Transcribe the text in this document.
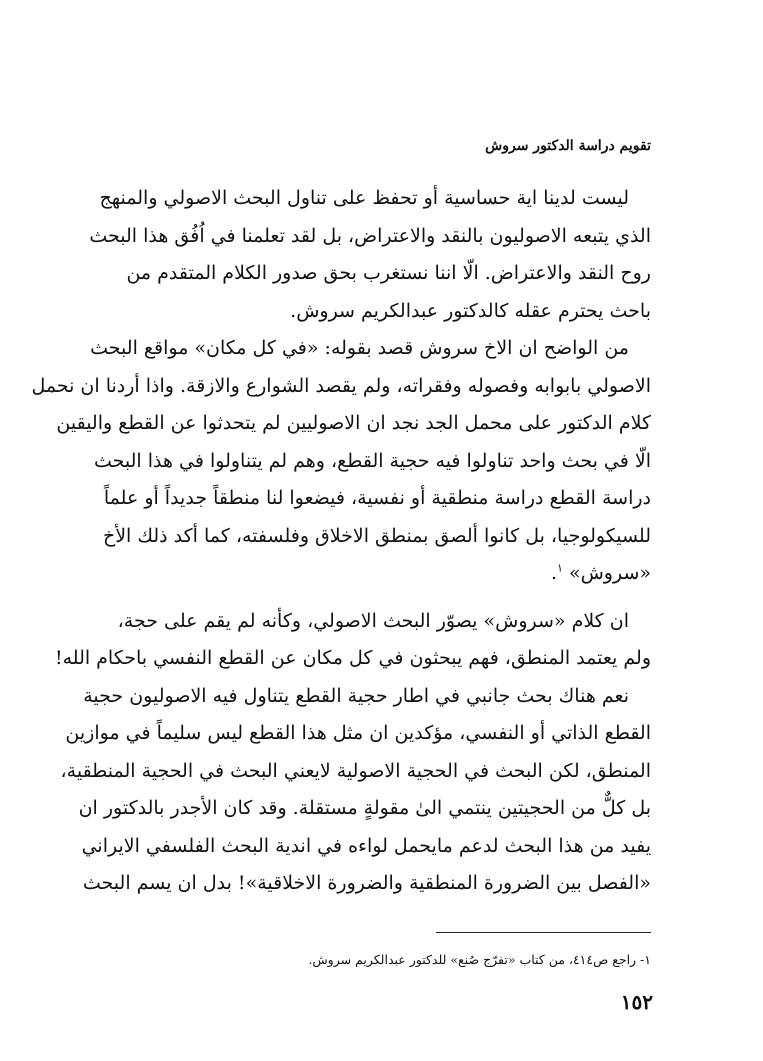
تقويم دراسة الدكتور سروش
ليست لدينا اية حساسية أو تحفظ على تناول البحث الاصولي والمنهج
الذي يتبعه الاصوليون بالنقد والاعتراض، بل لقد تعلمنا في اُفُق هذا البحث
روح النقد والاعتراض. الّا اننا نستغرب بحق صدور الكلام المتقدم من
باحث يحترم عقله كالدكتور عبدالكريم سروش.
من الواضح ان الاخ سروش قصد بقوله: «في كل مكان» مواقع البحث
الاصولي بابوابه وفصوله وفقراته، ولم يقصد الشوارع والازقة. واذا أردنا ان نحمل
كلام الدكتور على محمل الجد نجد ان الاصوليين لم يتحدثوا عن القطع واليقين
الّا في بحث واحد تناولوا فيه حجية القطع، وهم لم يتناولوا في هذا البحث
دراسة القطع دراسة منطقية أو نفسية، فيضعوا لنا منطقاً جديداً أو علماً
للسيكولوجيا، بل كانوا ألصق بمنطق الاخلاق وفلسفته، كما أكد ذلك الأخ
«سروش» $^١$.
ان كلام «سروش» يصوّر البحث الاصولي، وكأنه لم يقم على حجة،
ولم يعتمد المنطق، فهم يبحثون في كل مكان عن القطع النفسي باحكام الله!
نعم هناك بحث جانبي في اطار حجية القطع يتناول فيه الاصوليون حجية
القطع الذاتي أو النفسي، مؤكدين ان مثل هذا القطع ليس سليماً في موازين
المنطق، لكن البحث في الحجية الاصولية لايعني البحث في الحجية المنطقية،
بل كلٌّ من الحجيتين ينتمي الىٰ مقولةٍ مستقلة. وقد كان الأجدر بالدكتور ان
يفيد من هذا البحث لدعم مايحمل لواءه في اندية البحث الفلسفي الايراني
«الفصل بين الضرورة المنطقية والضرورة الاخلاقية»! بدل ان يسم البحث
١- راجع ص٤١٤، من كتاب «تفرّج صُنع» للدكتور عبدالكريم سروش.
١٥٢
